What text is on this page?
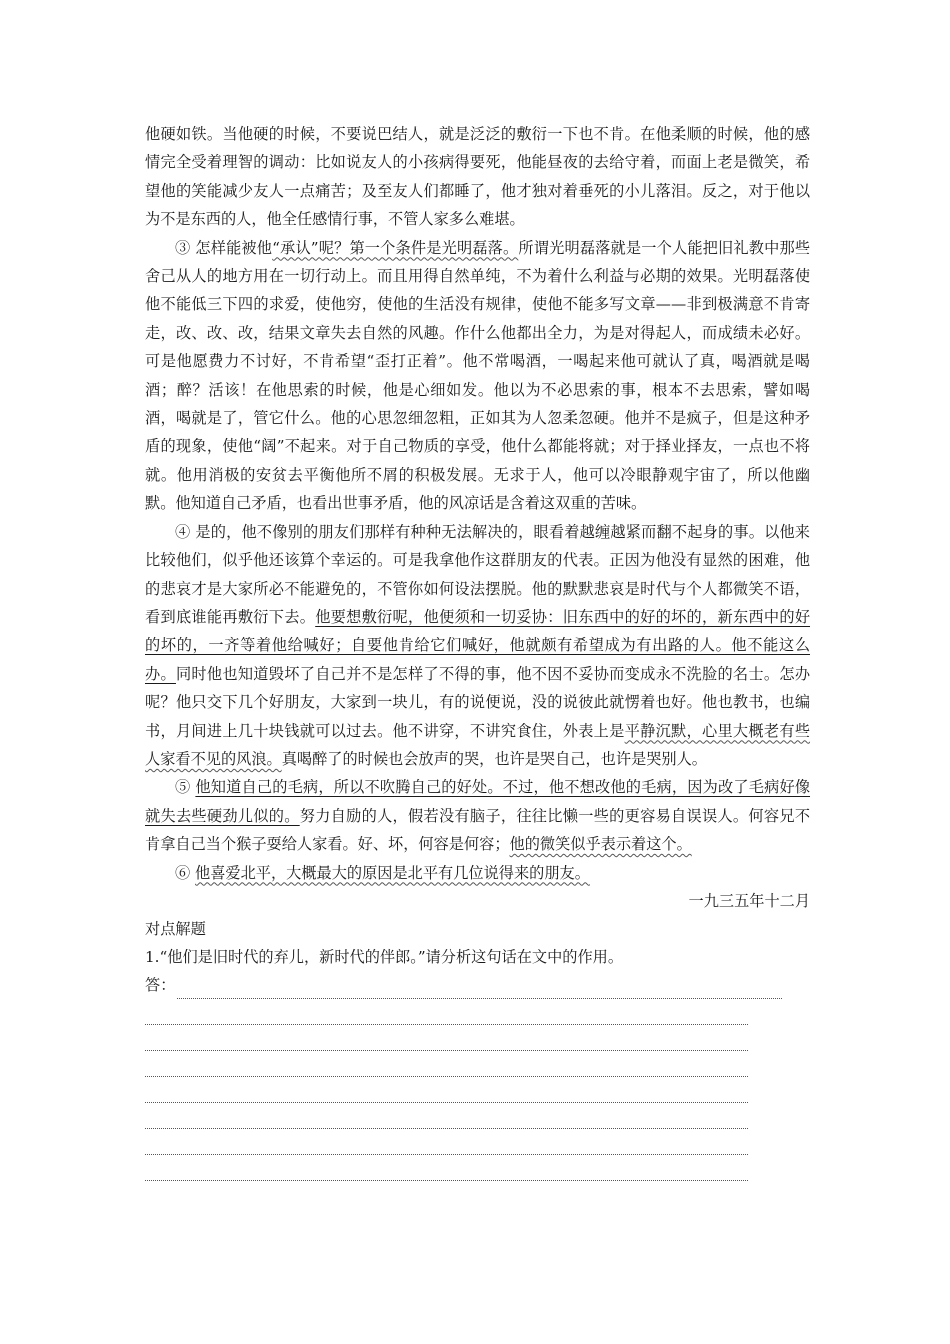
他硬如铁。当他硬的时候，不要说巴结人，就是泛泛的敷衍一下也不肯。在他柔顺的时候，他的感情完全受着理智的调动：比如说友人的小孩病得要死，他能昼夜的去给守着，而面上老是微笑，希望他的笑能减少友人一点痛苦；及至友人们都睡了，他才独对着垂死的小儿落泪。反之，对于他以为不是东西的人，他全任感情行事，不管人家多么难堪。

③ 怎样能被他“承认”呢？第一个条件是光明磊落。所谓光明磊落就是一个人能把旧礼教中那些舍己从人的地方用在一切行动上。而且用得自然单纯，不为着什么利益与必期的效果。光明磊落使他不能低三下四的求爱，使他穷，使他的生活没有规律，使他不能多写文章——非到极满意不肯寄走，改、改、改，结果文章失去自然的风趣。作什么他都出全力，为是对得起人，而成绩未必好。可是他愿费力不讨好，不肯希望“歪打正着”。他不常喝酒，一喝起来他可就认了真，喝酒就是喝酒；醉？活该！在他思索的时候，他是心细如发。他以为不必思索的事，根本不去思索，譬如喝酒，喝就是了，管它什么。他的心思忽细忽粗，正如其为人忽柔忽硬。他并不是疯子，但是这种矛盾的现象，使他“阔”不起来。对于自己物质的享受，他什么都能将就；对于择业择友，一点也不将就。他用消极的安贫去平衡他所不屑的积极发展。无求于人，他可以冷眼静观宇宙了，所以他幽默。他知道自己矛盾，也看出世事矛盾，他的风凉话是含着这双重的苦味。

④ 是的，他不像别的朋友们那样有种种无法解决的，眼看着越缠越紧而翻不起身的事。以他来比较他们，似乎他还该算个幸运的。可是我拿他作这群朋友的代表。正因为他没有显然的困难，他的悲哀才是大家所必不能避免的，不管你如何设法摆脱。他的默默悲哀是时代与个人都微笑不语，看到底谁能再敷衍下去。他要想敷衍呢，他便须和一切妥协：旧东西中的好的坏的，新东西中的好的坏的，一齐等着他给喊好；自要他肯给它们喊好，他就颇有希望成为有出路的人。他不能这么办。同时他也知道毁坏了自己并不是怎样了不得的事，他不因不妥协而变成永不洗脸的名士。怎办呢？他只交下几个好朋友，大家到一块儿，有的说便说，没的说彼此就愣着也好。他也教书，也编书，月间进上几十块钱就可以过去。他不讲穿，不讲究食住，外表上是平静沉默，心里大概老有些人家看不见的风浪。真喝醉了的时候也会放声的哭，也许是哭自己，也许是哭别人。

⑤ 他知道自己的毛病，所以不吹腾自己的好处。不过，他不想改他的毛病，因为改了毛病好像就失去些硬劲儿似的。努力自励的人，假若没有脑子，往往比懒一些的更容易自误误人。何容兄不肯拿自己当个猴子耍给人家看。好、坏，何容是何容；他的微笑似乎表示着这个。

⑥ 他喜爱北平，大概最大的原因是北平有几位说得来的朋友。

一九三五年十二月

对点解题

1.“他们是旧时代的弃儿，新时代的伴郎。”请分析这句话在文中的作用。

答：
